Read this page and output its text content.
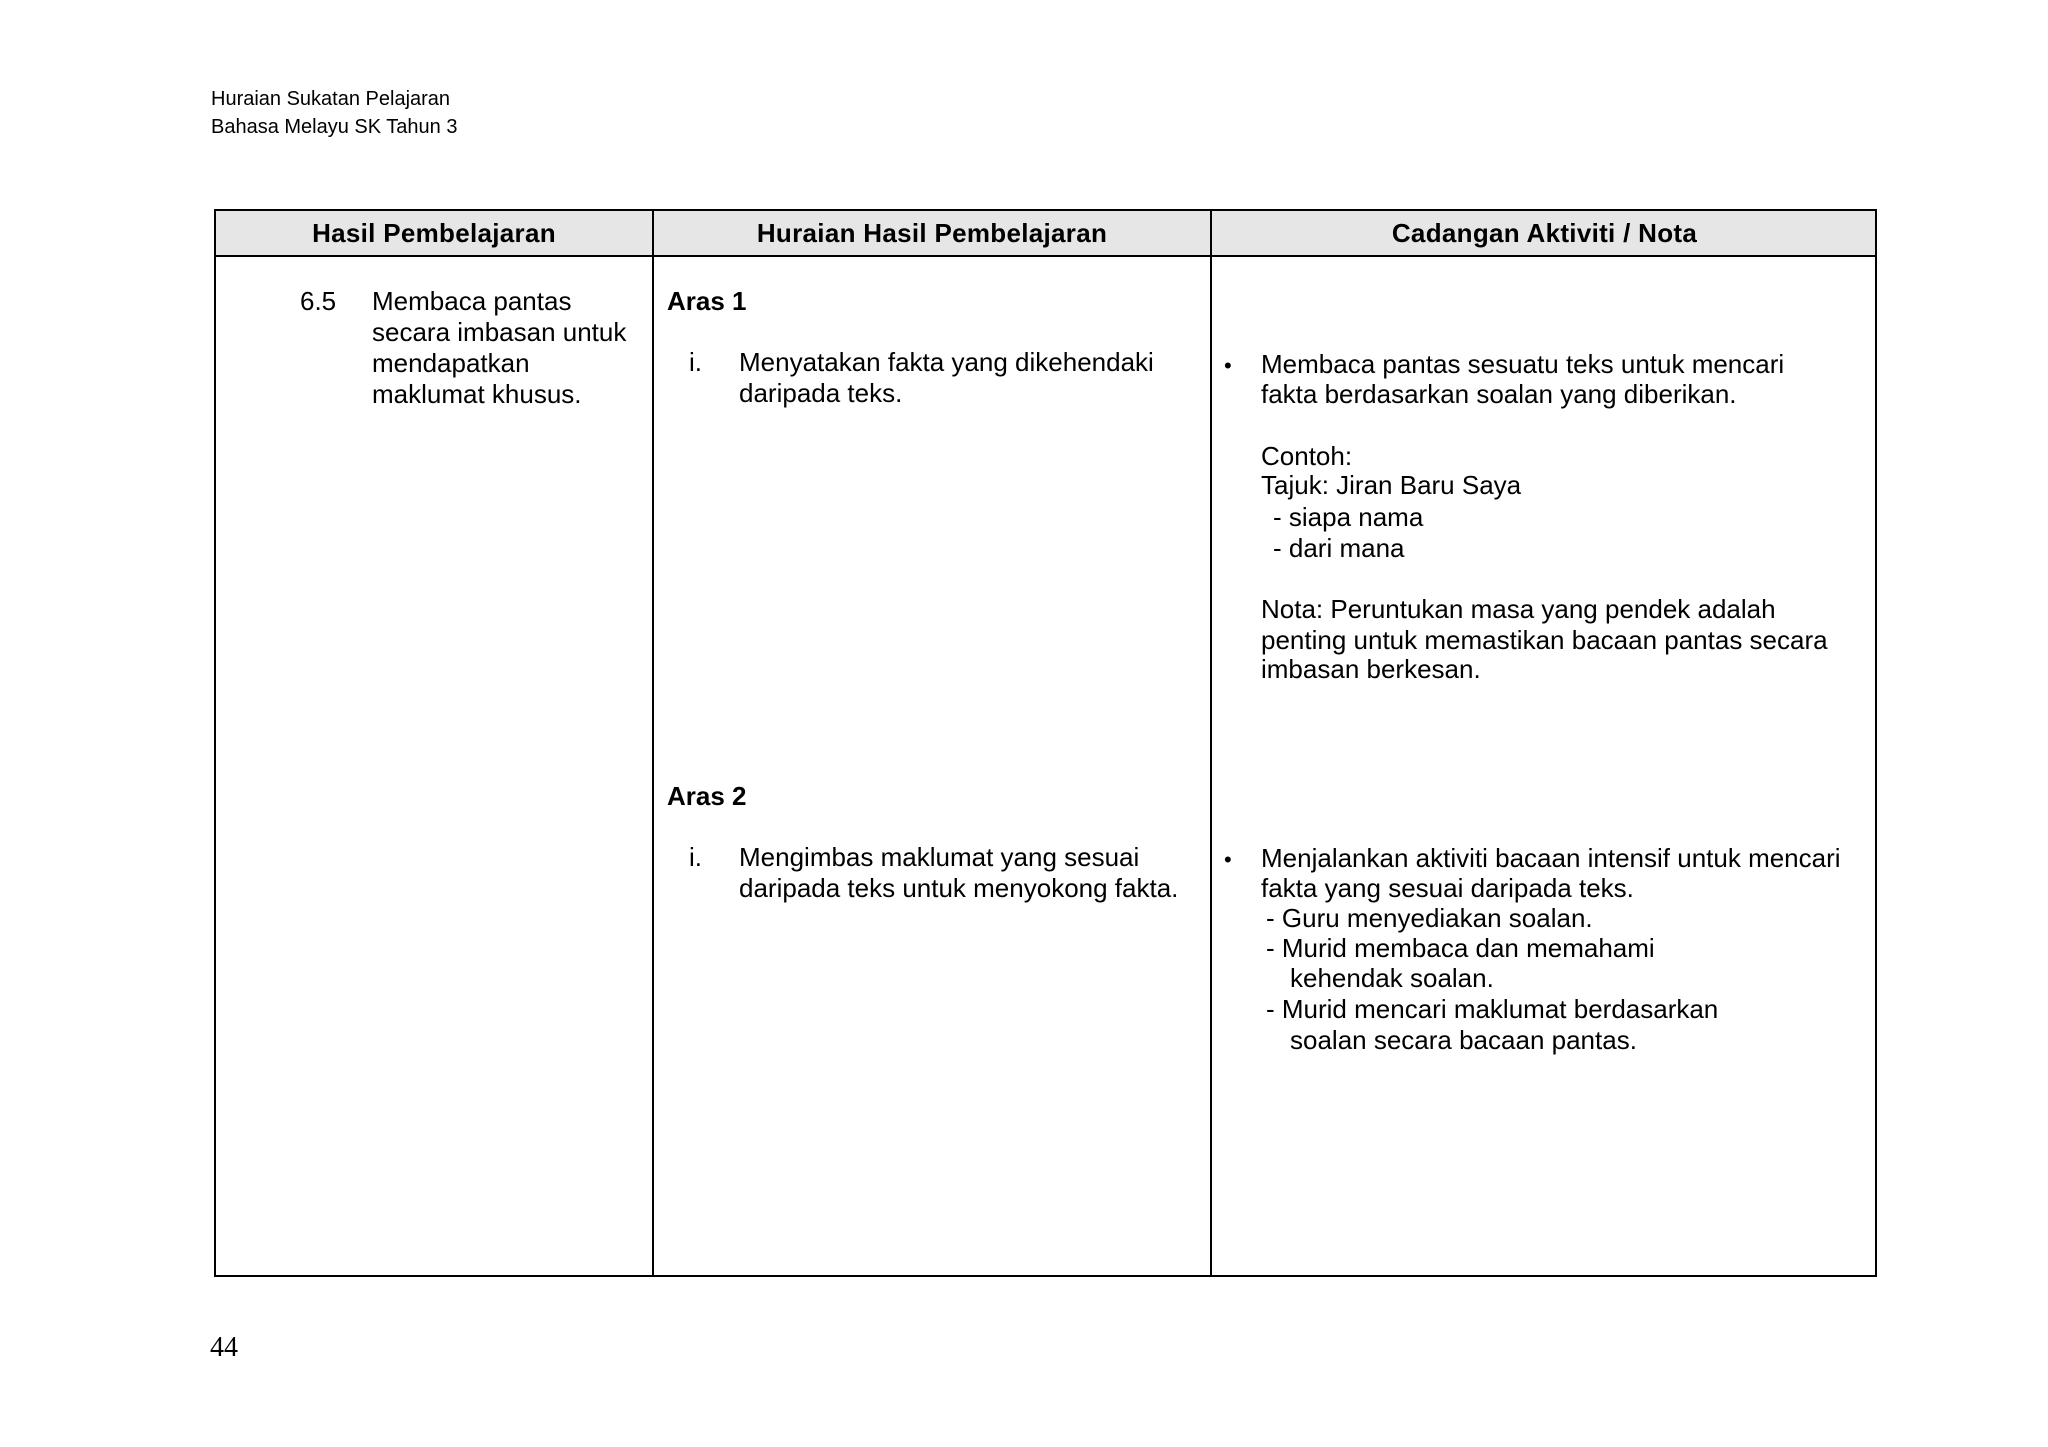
Huraian Sukatan Pelajaran
Bahasa Melayu SK Tahun 3
Hasil Pembelajaran	Huraian Hasil Pembelajaran	Cadangan Aktiviti / Nota
6.5 Membaca pantas
secara imbasan untuk
mendapatkan
maklumat khusus.
Aras 1
i. Menyatakan fakta yang dikehendaki
daripada teks.
Aras 2
i. Mengimbas maklumat yang sesuai
daripada teks untuk menyokong fakta.
• Membaca pantas sesuatu teks untuk mencari
fakta berdasarkan soalan yang diberikan.
Contoh:
Tajuk: Jiran Baru Saya
- siapa nama
- dari mana
Nota: Peruntukan masa yang pendek adalah
penting untuk memastikan bacaan pantas secara
imbasan berkesan.
• Menjalankan aktiviti bacaan intensif untuk mencari
fakta yang sesuai daripada teks.
- Guru menyediakan soalan.
- Murid membaca dan memahami
kehendak soalan.
- Murid mencari maklumat berdasarkan
soalan secara bacaan pantas.
44
